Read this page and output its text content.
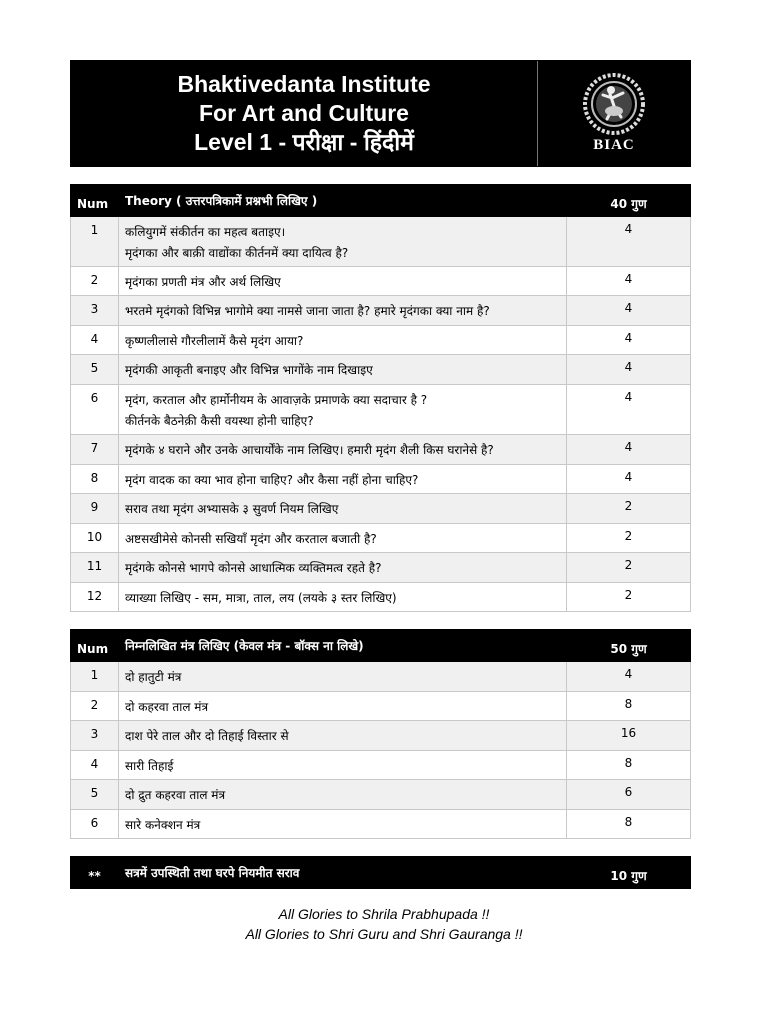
Bhaktivedanta Institute
For Art and Culture
Level 1 - परीक्षा - हिंदीमें	BIAC
Num	Theory ( उत्तरपत्रिकामें प्रश्नभी लिखिए )	40 गुण
1	कलियुगमें संकीर्तन का महत्व बताइए।
मृदंगका और बाक़ी वाद्योंका कीर्तनमें क्या दायित्व है?	4
2	मृदंगका प्रणती मंत्र और अर्थ लिखिए	4
3	भरतमे मृदंगको विभिन्न भागोमे क्या नामसे जाना जाता है? हमारे मृदंगका क्या नाम है?	4
4	कृष्णलीलासे गौरलीलामें कैसे मृदंग आया?	4
5	मृदंगकी आकृती बनाइए और विभिन्न भागोंके नाम दिखाइए	4
6	मृदंग, करताल और हार्मोनीयम के आवाज़के प्रमाणके क्या सदाचार है ?
कीर्तनके बैठनेक़ी कैसी वयस्था होनी चाहिए?	4
7	मृदंगके ४ घराने और उनके आचार्योंके नाम लिखिए। हमारी मृदंग शैली किस घरानेसे है?	4
8	मृदंग वादक का क्या भाव होना चाहिए? और कैसा नहीं होना चाहिए?	4
9	सराव तथा मृदंग अभ्यासके ३ सुवर्ण नियम लिखिए	2
10	अष्टसखीमेसे कोनसी सखियाँ मृदंग और करताल बजाती है?	2
11	मृदंगके कोनसे भागपे कोनसे आधात्मिक व्यक्तिमत्व रहते है?	2
12	व्याख्या लिखिए - सम, मात्रा, ताल, लय (लयके ३ स्तर लिखिए)	2
Num	निम्नलिखित मंत्र लिखिए (केवल मंत्र - बॉक्स ना लिखे)	50 गुण
1	दो हातुटी मंत्र	4
2	दो कहरवा ताल मंत्र	8
3	दाश पेरे ताल और दो तिहाई विस्तार से	16
4	सारी तिहाई	8
5	दो द्रुत कहरवा ताल मंत्र	6
6	सारे कनेक्शन मंत्र	8
**	सत्रमें उपस्थिती तथा घरपे नियमीत सराव	10 गुण
All Glories to Shrila Prabhupada !!
All Glories to Shri Guru and Shri Gauranga !!
